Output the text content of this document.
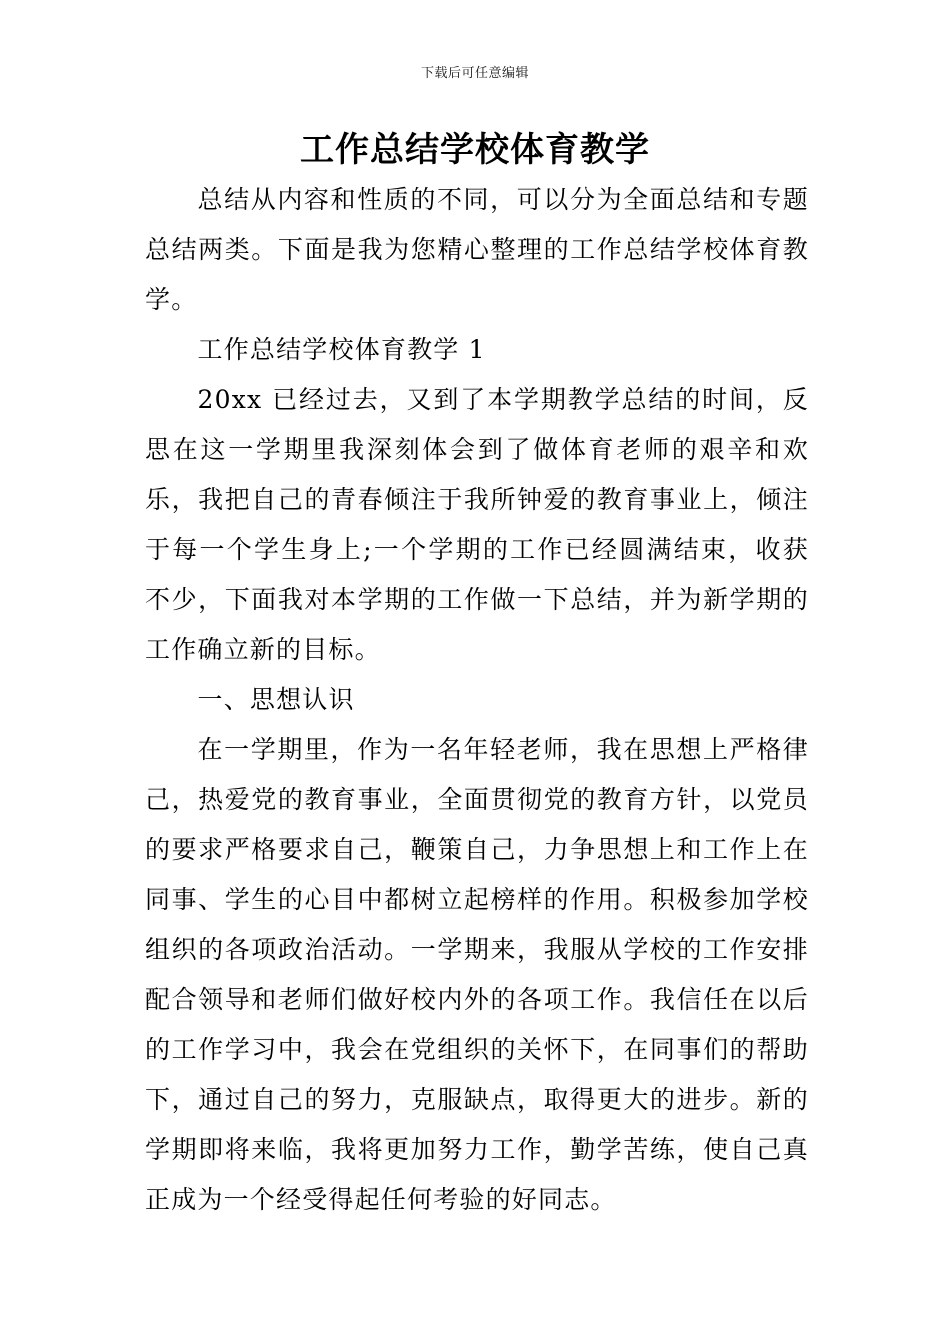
下载后可任意编辑
工作总结学校体育教学

总结从内容和性质的不同，可以分为全面总结和专题总结两类。下面是我为您精心整理的工作总结学校体育教学。

工作总结学校体育教学 1

20xx 已经过去，又到了本学期教学总结的时间，反思在这一学期里我深刻体会到了做体育老师的艰辛和欢乐，我把自己的青春倾注于我所钟爱的教育事业上，倾注于每一个学生身上;一个学期的工作已经圆满结束，收获不少，下面我对本学期的工作做一下总结，并为新学期的工作确立新的目标。

一、思想认识

在一学期里，作为一名年轻老师，我在思想上严格律己，热爱党的教育事业，全面贯彻党的教育方针，以党员的要求严格要求自己，鞭策自己，力争思想上和工作上在同事、学生的心目中都树立起榜样的作用。积极参加学校组织的各项政治活动。一学期来，我服从学校的工作安排配合领导和老师们做好校内外的各项工作。我信任在以后的工作学习中，我会在党组织的关怀下，在同事们的帮助下，通过自己的努力，克服缺点，取得更大的进步。新的学期即将来临，我将更加努力工作，勤学苦练，使自己真正成为一个经受得起任何考验的好同志。
